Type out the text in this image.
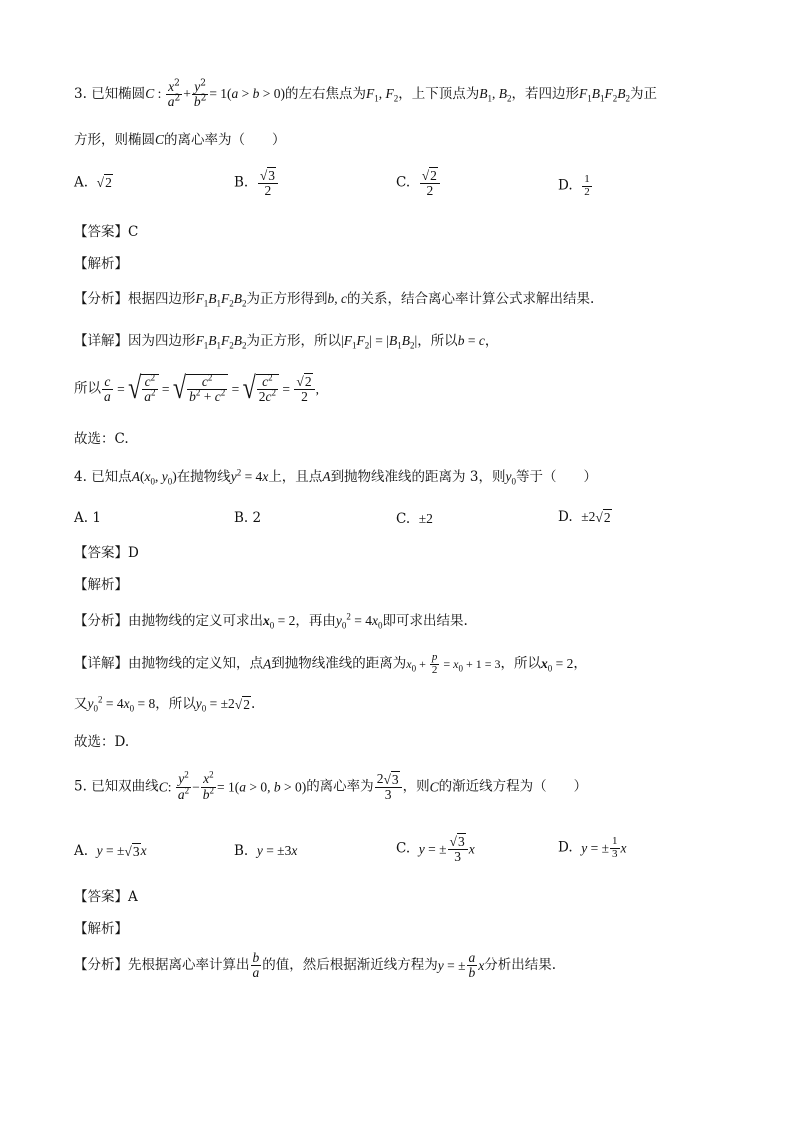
3. 已知椭圆C : $\frac{x^2}{a^2} + \frac{y^2}{b^2} = 1(a > b > 0)$的左右焦点为$F_1$, $F_2$，上下顶点为$B_1$, $B_2$，若四边形$F_1B_1F_2B_2$为正
方形，则椭圆C的离心率为（　　）
A.  √ 2	B.
√ $\frac{3}{2}$	C.
√ $\frac{2}{2}$	D. $\frac{1}{2}$
【答案】C
【解析】
【分析】根据四边形$F_1B_1F_2B_2$为正方形得到b, c的关系，结合离心率计算公式求解出结果.
【详解】因为四边形$F_1B_1F_2B_2$为正方形，所以$|F_1F_2| = |B_1B_2|$，所以b = c，
所以 $\frac{c}{a}$ = √ $\frac{c^2}{a^2}$ = √ $\frac{c^2}{b^2 + c^2}$ = √ $\frac{c^2}{2c^2}$ =
√ $\frac{2}{2}$ ,
故选：C.
4. 已知点$A(x_0$, $y_0$)在抛物线$y^2 = 4x$上，且点A到抛物线准线的距离为 3，则$y_0$等于（　　）
A. 1	B. 2	C. ±2	D. ±2√ 2
【答案】D
【解析】
【分析】由抛物线的定义可求出$x_0 = 2$，再由$y_0^2 = 4x_0$即可求出结果.
【详解】由抛物线的定义知，点A到抛物线准线的距离为$x_0 + \frac{p}{2} = x_0 + 1 = 3$，所以$x_0 = 2$，
又$y_0^2 = 4x_0 = 8$，所以$y_0 = \pm 2√$ 2.
故选：D.
5. 已知双曲线C: $\frac{y^2}{a^2} - \frac{x^2}{b^2} = 1(a > 0$, b > 0)的离心率为 $\frac{2√ 3}{3}$ ，则C的渐近线方程为（　　）
A. y = ±√ 3x	B. y = ±3x	C. y = ±
√ $\frac{3}{3}$ x	D. y = ± $\frac{1}{3}$ x
【答案】A
【解析】
【分析】先根据离心率计算出 $\frac{b}{a}$ 的值，然后根据渐近线方程为y = ± $\frac{a}{b}$ x分析出结果.
